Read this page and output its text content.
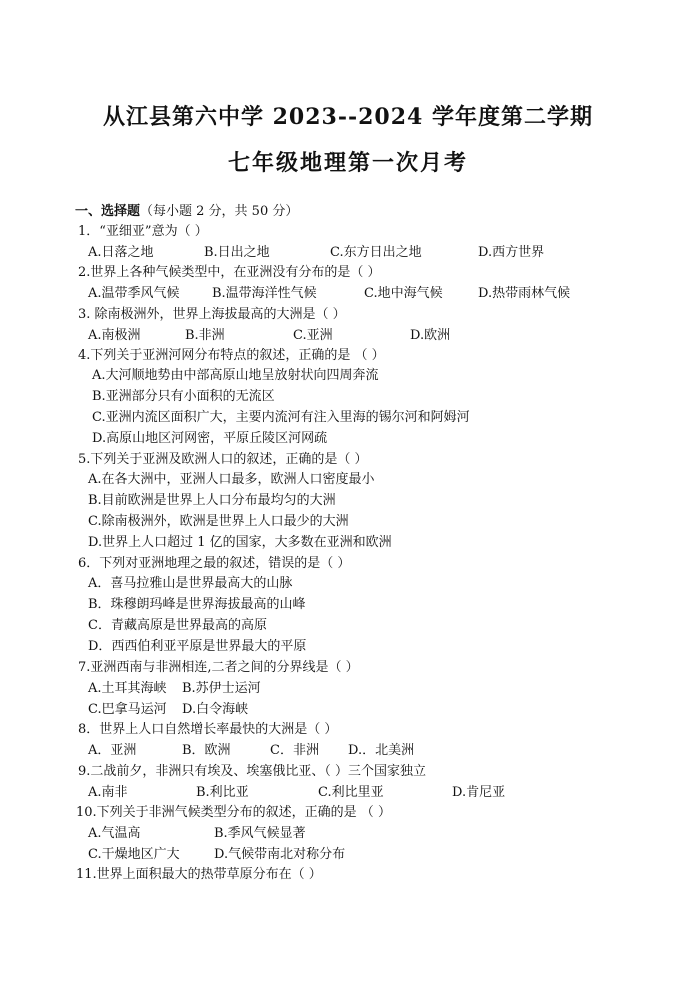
从江县第六中学 2023--2024 学年度第二学期
七年级地理第一次月考
一、选择题（每小题 2 分，共 50 分）
1．“亚细亚”意为（ ）
A.日落之地	B.日出之地	C.东方日出之地	D.西方世界
2.世界上各种气候类型中，在亚洲没有分布的是（ ）
A.温带季风气候 B.温带海洋性气候	C.地中海气候	D.热带雨林气候
3. 除南极洲外，世界上海拔最高的大洲是（ ）
A.南极洲	B.非洲	C.亚洲	D.欧洲
4.下列关于亚洲河网分布特点的叙述，正确的是 （ ）
A.大河顺地势由中部高原山地呈放射状向四周奔流
B.亚洲部分只有小面积的无流区
C.亚洲内流区面积广大，主要内流河有注入里海的锡尔河和阿姆河
D.高原山地区河网密，平原丘陵区河网疏
5.下列关于亚洲及欧洲人口的叙述，正确的是（ ）
A.在各大洲中，亚洲人口最多，欧洲人口密度最小
B.目前欧洲是世界上人口分布最均匀的大洲
C.除南极洲外，欧洲是世界上人口最少的大洲
D.世界上人口超过 1 亿的国家，大多数在亚洲和欧洲
6．下列对亚洲地理之最的叙述，错误的是（ ）
A．喜马拉雅山是世界最高大的山脉
B．珠穆朗玛峰是世界海拔最高的山峰
C．青藏高原是世界最高的高原
D．西西伯利亚平原是世界最大的平原
7.亚洲西南与非洲相连,二者之间的分界线是（ ）
A.土耳其海峡 B.苏伊士运河
C.巴拿马运河 D.白令海峡
8．世界上人口自然增长率最快的大洲是（ ）
A．亚洲	B．欧洲	C．非洲 D.．北美洲
9.二战前夕，非洲只有埃及、埃塞俄比亚、（ ）三个国家独立
A.南非	B.利比亚	C.利比里亚	D.肯尼亚
10.下列关于非洲气候类型分布的叙述，正确的是 （ ）
A.气温高	B.季风气候显著
C.干燥地区广大	D.气候带南北对称分布
11.世界上面积最大的热带草原分布在（ ）
